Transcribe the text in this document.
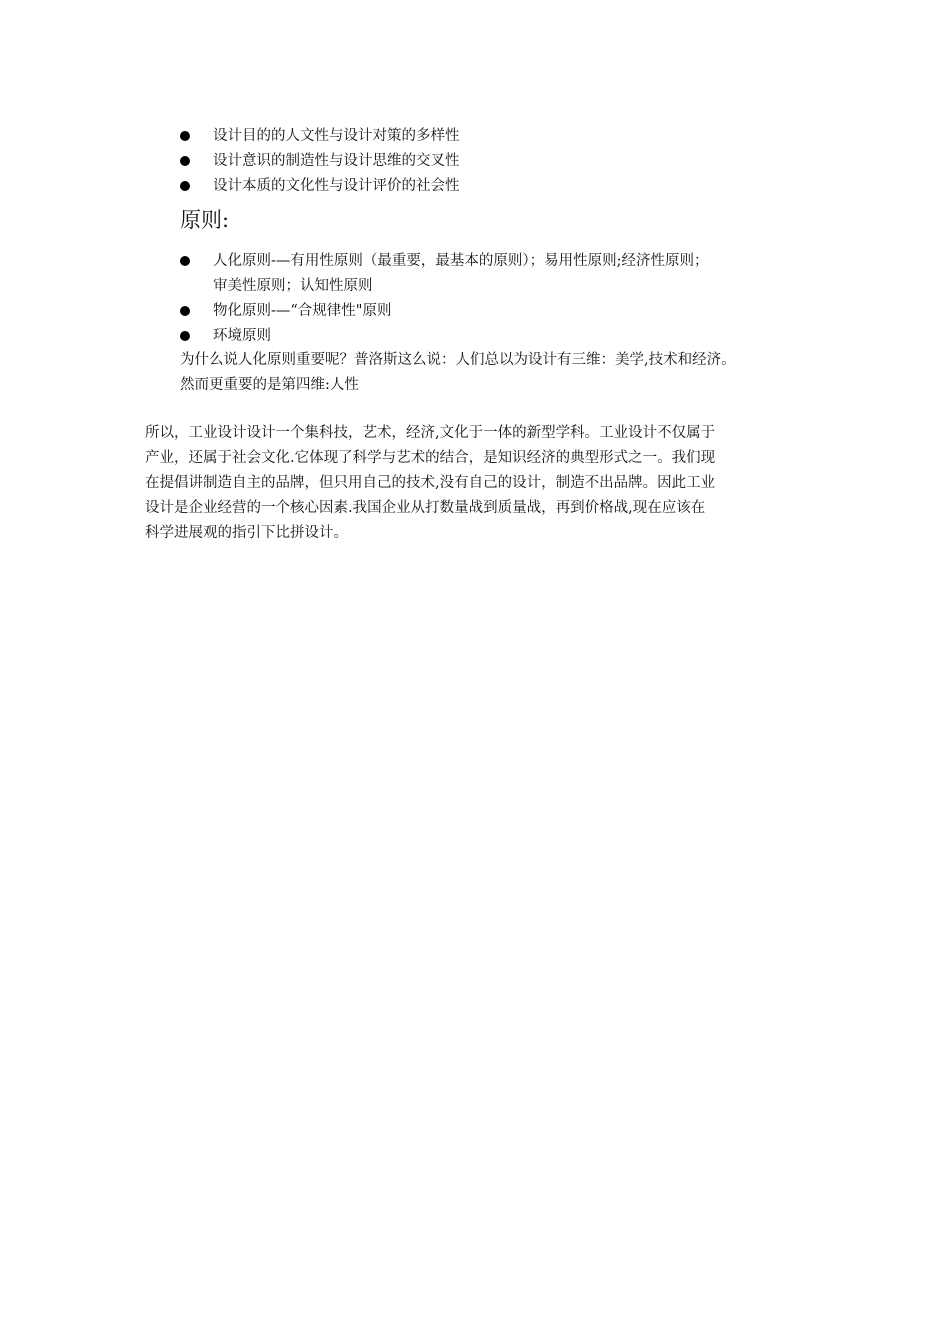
设计目的的人文性与设计对策的多样性
设计意识的制造性与设计思维的交叉性
设计本质的文化性与设计评价的社会性
原则:
人化原则-—有用性原则（最重要，最基本的原则）；易用性原则;经济性原则；
审美性原则；认知性原则
物化原则-—“合规律性"原则
环境原则

为什么说人化原则重要呢？普洛斯这么说：人们总以为设计有三维：美学,技术和经济。
然而更重要的是第四维:人性

所以，工业设计设计一个集科技，艺术，经济,文化于一体的新型学科。工业设计不仅属于
产业，还属于社会文化.它体现了科学与艺术的结合，是知识经济的典型形式之一。我们现
在提倡讲制造自主的品牌，但只用自己的技术,没有自己的设计，制造不出品牌。因此工业
设计是企业经营的一个核心因素.我国企业从打数量战到质量战，再到价格战,现在应该在
科学进展观的指引下比拼设计。
